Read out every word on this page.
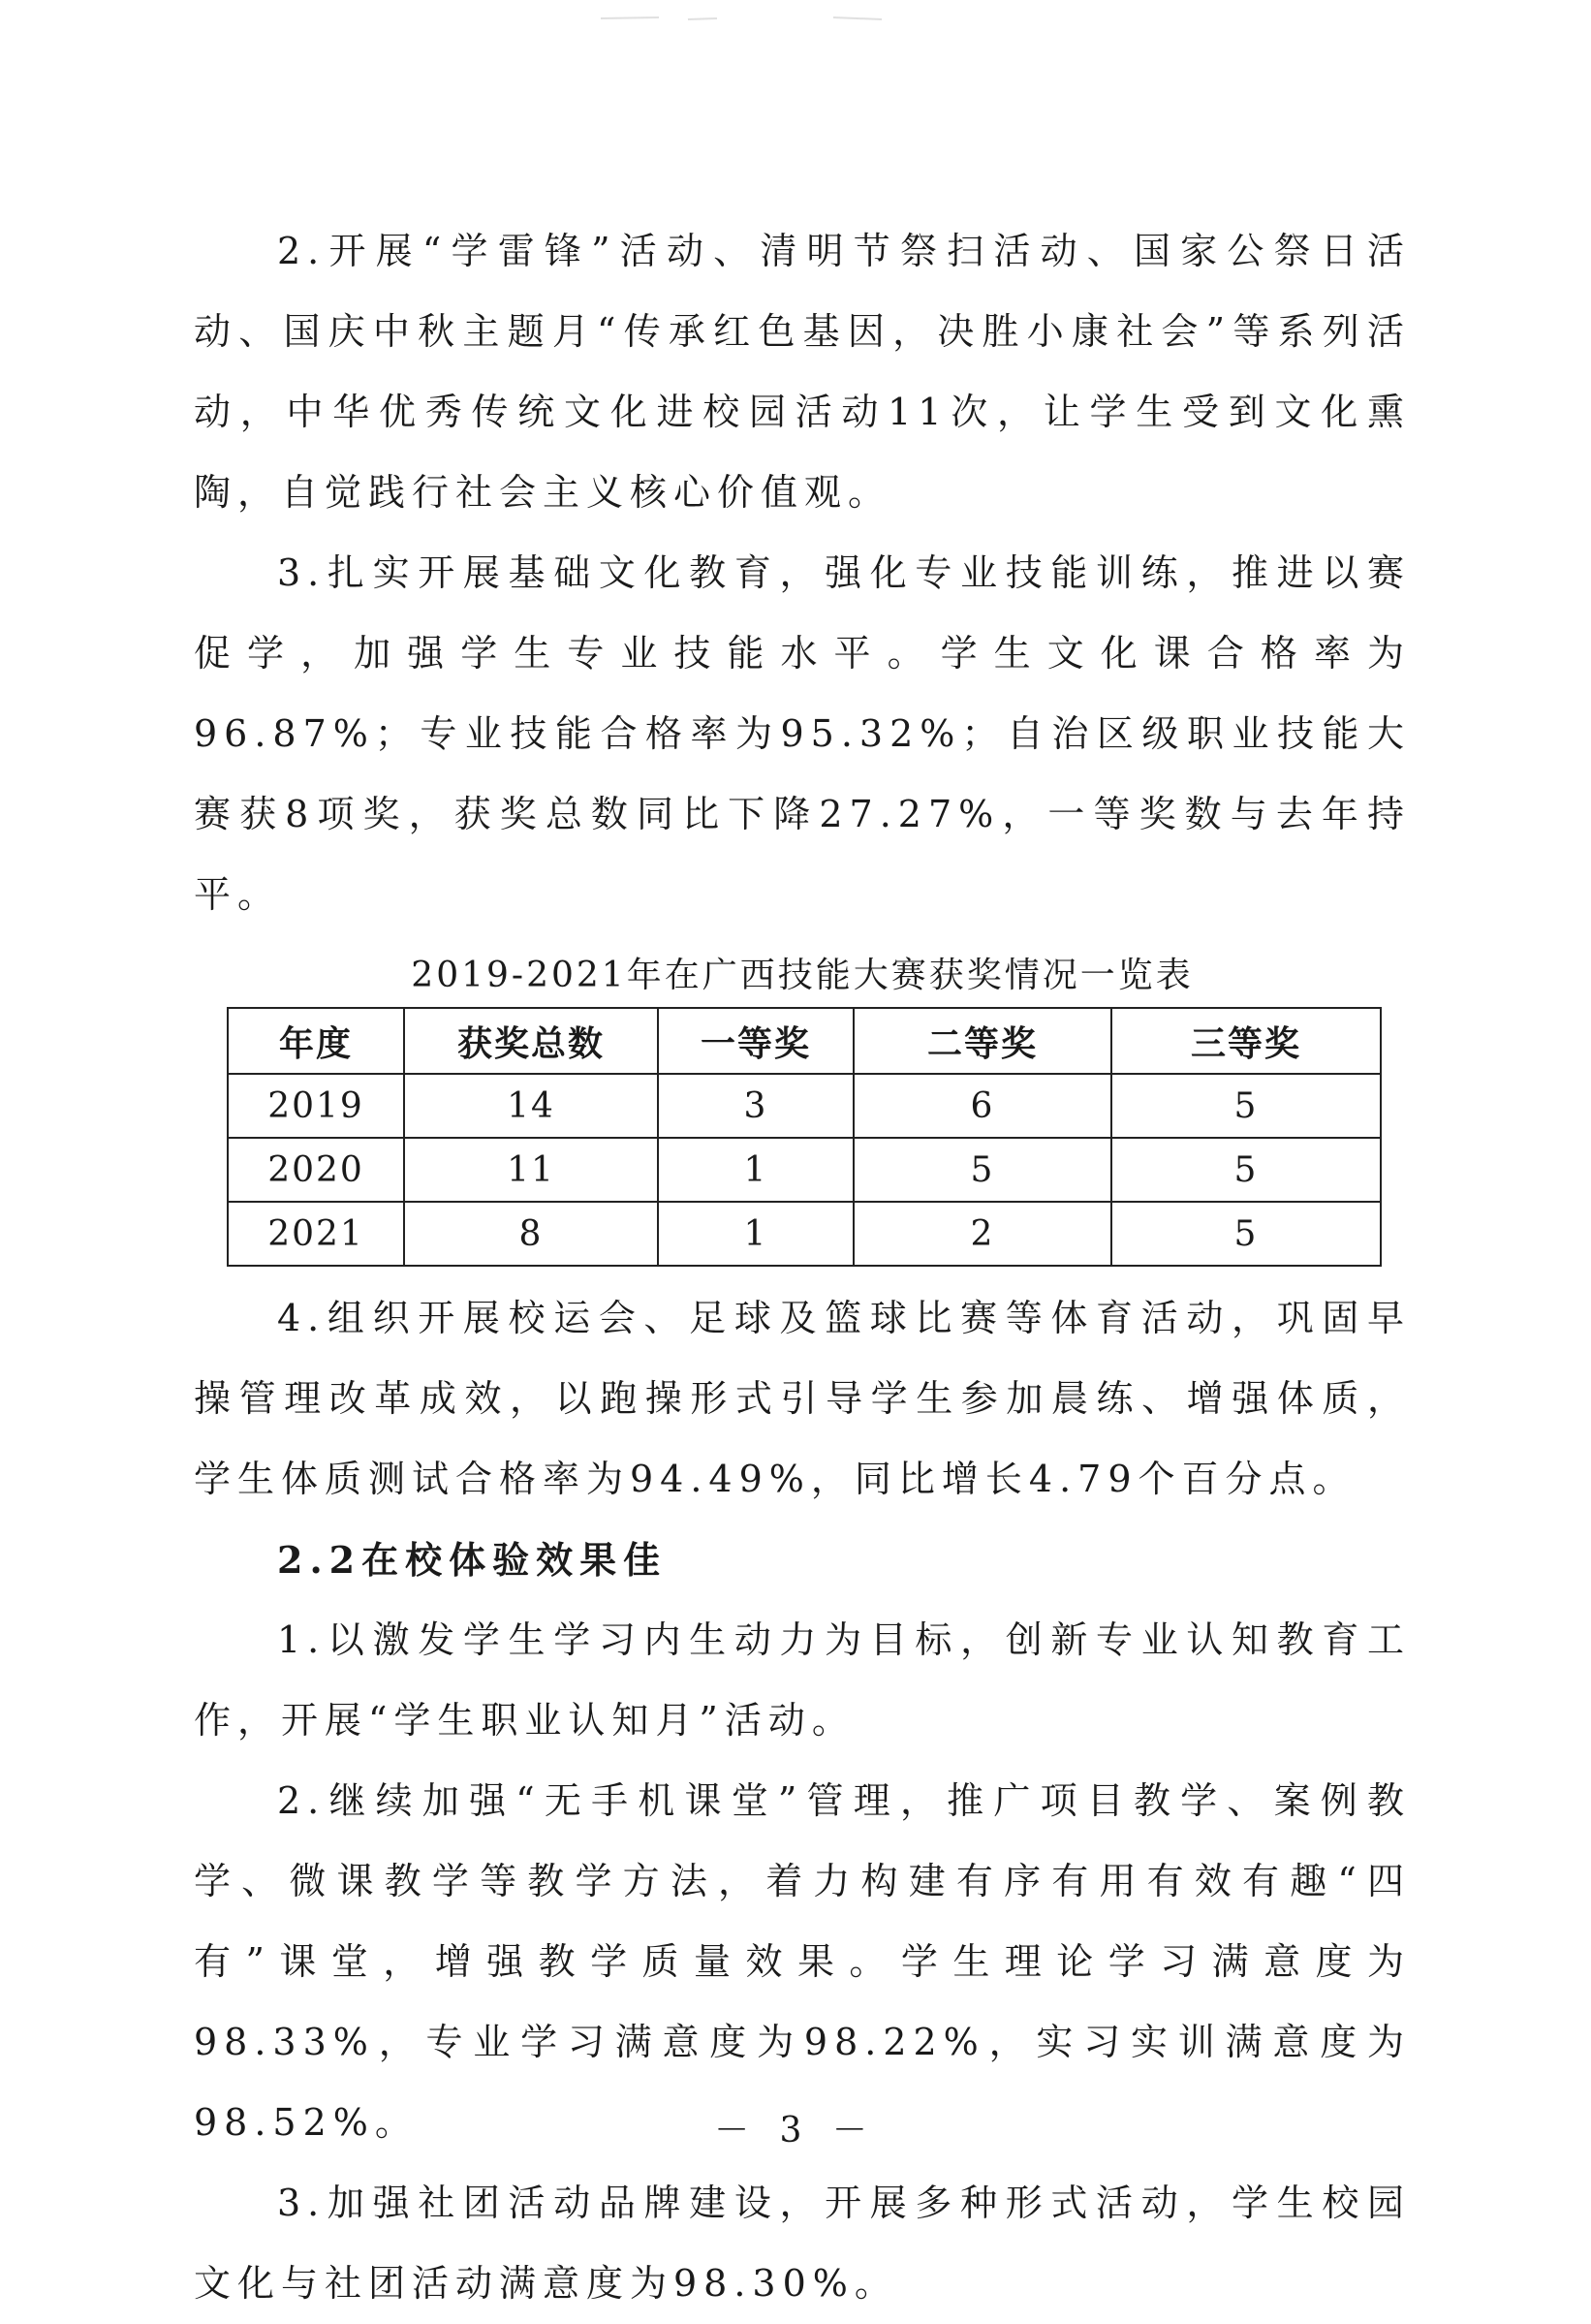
2.开展“学雷锋”活动、清明节祭扫活动、国家公祭日活动、国庆中秋主题月“传承红色基因，决胜小康社会”等系列活动，中华优秀传统文化进校园活动11次，让学生受到文化熏陶，自觉践行社会主义核心价值观。

3.扎实开展基础文化教育，强化专业技能训练，推进以赛促学，加强学生专业技能水平。学生文化课合格率为96.87%；专业技能合格率为95.32%；自治区级职业技能大赛获8项奖，获奖总数同比下降27.27%，一等奖数与去年持平。

2019-2021年在广西技能大赛获奖情况一览表

年度	获奖总数	一等奖	二等奖	三等奖
2019	14	3	6	5
2020	11	1	5	5
2021	8	1	2	5

4.组织开展校运会、足球及篮球比赛等体育活动，巩固早操管理改革成效，以跑操形式引导学生参加晨练、增强体质，学生体质测试合格率为94.49%，同比增长4.79个百分点。

2.2在校体验效果佳

1.以激发学生学习内生动力为目标，创新专业认知教育工作，开展“学生职业认知月”活动。

2.继续加强“无手机课堂”管理，推广项目教学、案例教学、微课教学等教学方法，着力构建有序有用有效有趣“四有”课堂，增强教学质量效果。学生理论学习满意度为98.33%，专业学习满意度为98.22%，实习实训满意度为98.52%。

3.加强社团活动品牌建设，开展多种形式活动，学生校园文化与社团活动满意度为98.30%。

－ 3 －
